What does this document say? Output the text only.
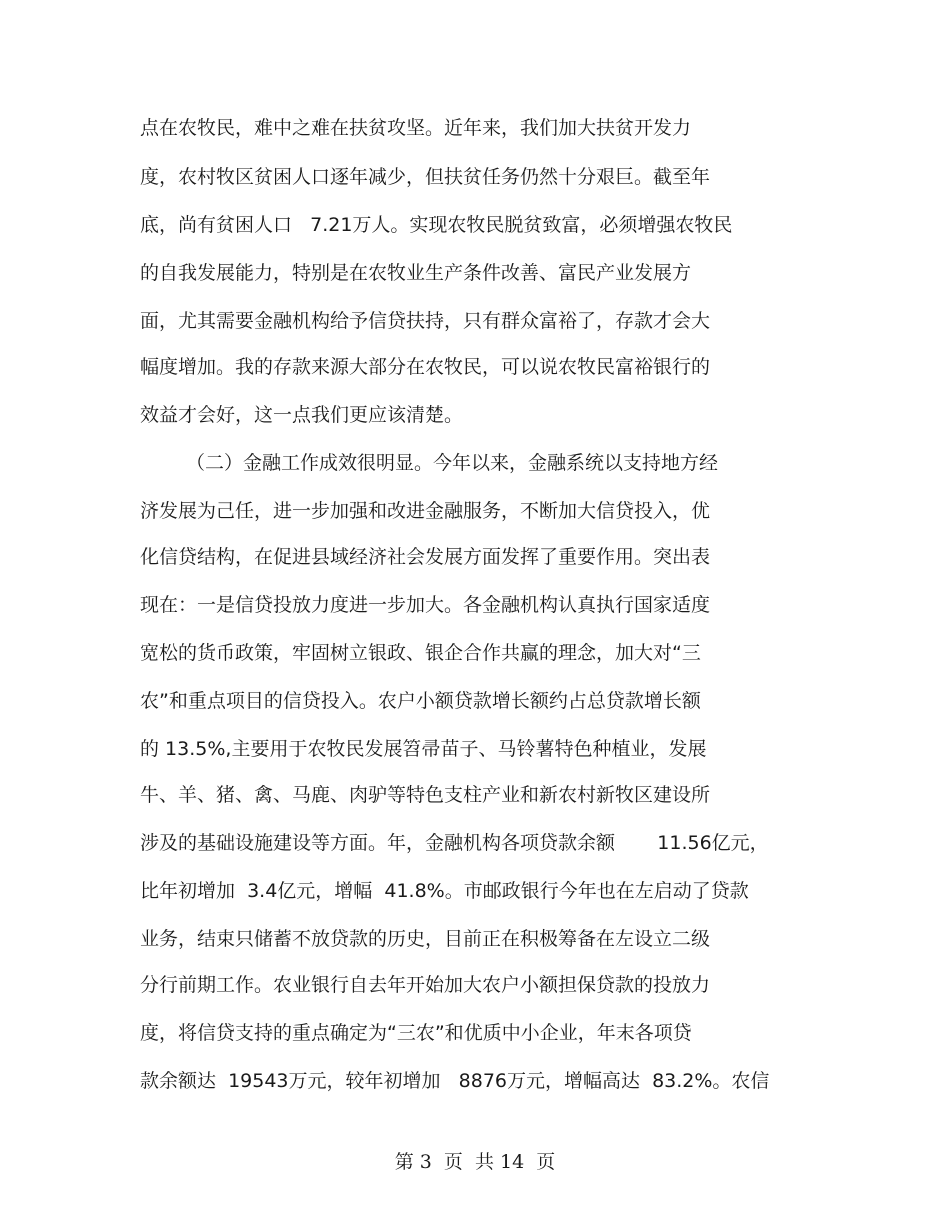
点在农牧民，难中之难在扶贫攻坚。近年来，我们加大扶贫开发力
度，农村牧区贫困人口逐年减少，但扶贫任务仍然十分艰巨。截至年
底，尚有贫困人口   7.21万人。实现农牧民脱贫致富，必须增强农牧民
的自我发展能力，特别是在农牧业生产条件改善、富民产业发展方
面，尤其需要金融机构给予信贷扶持，只有群众富裕了，存款才会大
幅度增加。我的存款来源大部分在农牧民，可以说农牧民富裕银行的
效益才会好，这一点我们更应该清楚。
（二）金融工作成效很明显。今年以来，金融系统以支持地方经
济发展为己任，进一步加强和改进金融服务，不断加大信贷投入，优
化信贷结构，在促进县域经济社会发展方面发挥了重要作用。突出表
现在：一是信贷投放力度进一步加大。各金融机构认真执行国家适度
宽松的货币政策，牢固树立银政、银企合作共赢的理念，加大对“三
农”和重点项目的信贷投入。农户小额贷款增长额约占总贷款增长额
的 13.5%,主要用于农牧民发展笤帚苗子、马铃薯特色种植业，发展
牛、羊、猪、禽、马鹿、肉驴等特色支柱产业和新农村新牧区建设所
涉及的基础设施建设等方面。年，金融机构各项贷款余额       11.56亿元，
比年初增加  3.4亿元，增幅  41.8%。市邮政银行今年也在左启动了贷款
业务，结束只储蓄不放贷款的历史，目前正在积极筹备在左设立二级
分行前期工作。农业银行自去年开始加大农户小额担保贷款的投放力
度，将信贷支持的重点确定为“三农”和优质中小企业，年末各项贷
款余额达  19543万元，较年初增加   8876万元，增幅高达  83.2%。农信
第 3  页  共 14  页
